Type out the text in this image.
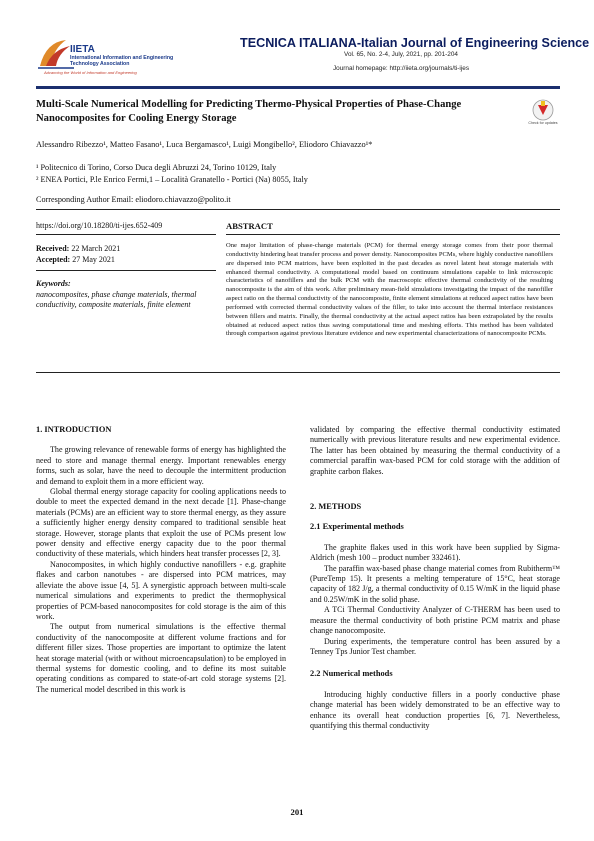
IIETA
International Information and Engineering Technology Association
Advancing the World of Information and Engineering
TECNICA ITALIANA-Italian Journal of Engineering Science
Vol. 65, No. 2-4, July, 2021, pp. 201-204
Journal homepage: http://iieta.org/journals/ti-ijes
Multi-Scale Numerical Modelling for Predicting Thermo-Physical Properties of Phase-Change Nanocomposites for Cooling Energy Storage	Check for updates
Alessandro Ribezzo¹, Matteo Fasano¹, Luca Bergamasco¹, Luigi Mongibello², Eliodoro Chiavazzo¹*
¹ Politecnico di Torino, Corso Duca degli Abruzzi 24, Torino 10129, Italy
² ENEA Portici, P.le Enrico Fermi,1 – Località Granatello - Portici (Na) 8055, Italy
Corresponding Author Email: eliodoro.chiavazzo@polito.it
https://doi.org/10.18280/ti-ijes.652-409
Received: 22 March 2021
Accepted: 27 May 2021
Keywords:
nanocomposites, phase change materials, thermal conductivity, composite materials, finite element
ABSTRACT
One major limitation of phase-change materials (PCM) for thermal energy storage comes from their poor thermal conductivity hindering heat transfer process and power density. Nanocomposites PCMs, where highly conductive nanofillers are dispersed into PCM matrices, have been exploited in the past decades as novel latent heat storage materials with enhanced thermal conductivity. A computational model based on continuum simulations capable to link microscopic characteristics of nanofillers and the bulk PCM with the macroscopic effective thermal conductivity of the resulting nanocomposite is the aim of this work. After preliminary mean-field simulations investigating the impact of the nanofiller aspect ratio on the thermal conductivity of the nanocomposite, finite element simulations at reduced aspect ratios have been performed with corrected thermal conductivity values of the filler, to take into account the thermal interface resistances between fillers and matrix. Finally, the thermal conductivity at the actual aspect ratios has been extrapolated by the results obtained at reduced aspect ratios thus saving computational time and meshing efforts. This method has been validated through comparison against previous literature evidence and new experimental characterizations of nanocomposite PCMs.
1. INTRODUCTION

The growing relevance of renewable forms of energy has highlighted the need to store and manage thermal energy. Important renewables energy forms, such as solar, have the need to decouple the intermittent production and demand to exploit them in a more efficient way.

Global thermal energy storage capacity for cooling applications needs to double to meet the expected demand in the next decade [1]. Phase-change materials (PCMs) are an efficient way to store thermal energy, as they assure a sufficiently higher energy density compared to traditional sensible heat storage. However, storage plants that exploit the use of PCMs present low power density and effective energy capacity due to the poor thermal conductivity of these materials, which hinders heat transfer processes [2, 3].

Nanocomposites, in which highly conductive nanofillers - e.g. graphite flakes and carbon nanotubes - are dispersed into PCM matrices, may alleviate the above issue [4, 5]. A synergistic approach between multi-scale numerical simulations and experiments to predict the thermophysical properties of PCM-based nanocomposites for cold storage is the aim of this work.

The output from numerical simulations is the effective thermal conductivity of the nanocomposite at different volume fractions and for different filler sizes. Those properties are important to optimize the latent heat storage material (with or without microencapsulation) to be employed in thermal systems for domestic cooling, and to define its most suitable operating conditions as compared to state-of-art cold storage systems [2]. The numerical model described in this work is

validated by comparing the effective thermal conductivity estimated numerically with previous literature results and new experimental evidence. The latter has been obtained by measuring the thermal conductivity of a commercial paraffin wax-based PCM for cold storage with the addition of graphite carbon flakes.

2. METHODS
2.1 Experimental methods

The graphite flakes used in this work have been supplied by Sigma-Aldrich (mesh 100 – product number 332461).

The paraffin wax-based phase change material comes from Rubitherm™ (PureTemp 15). It presents a melting temperature of 15°C, heat storage capacity of 182 J/g, a thermal conductivity of 0.15 W/mK in the liquid phase and 0.25W/mK in the solid phase.

A TCi Thermal Conductivity Analyzer of C-THERM has been used to measure the thermal conductivity of both pristine PCM matrix and phase change nanocomposite.

During experiments, the temperature control has been assured by a Tenney Tps Junior Test chamber.

2.2 Numerical methods

Introducing highly conductive fillers in a poorly conductive phase change material has been widely demonstrated to be an effective way to enhance its overall heat conduction properties [6, 7]. Nevertheless, quantifying this thermal conductivity

201
